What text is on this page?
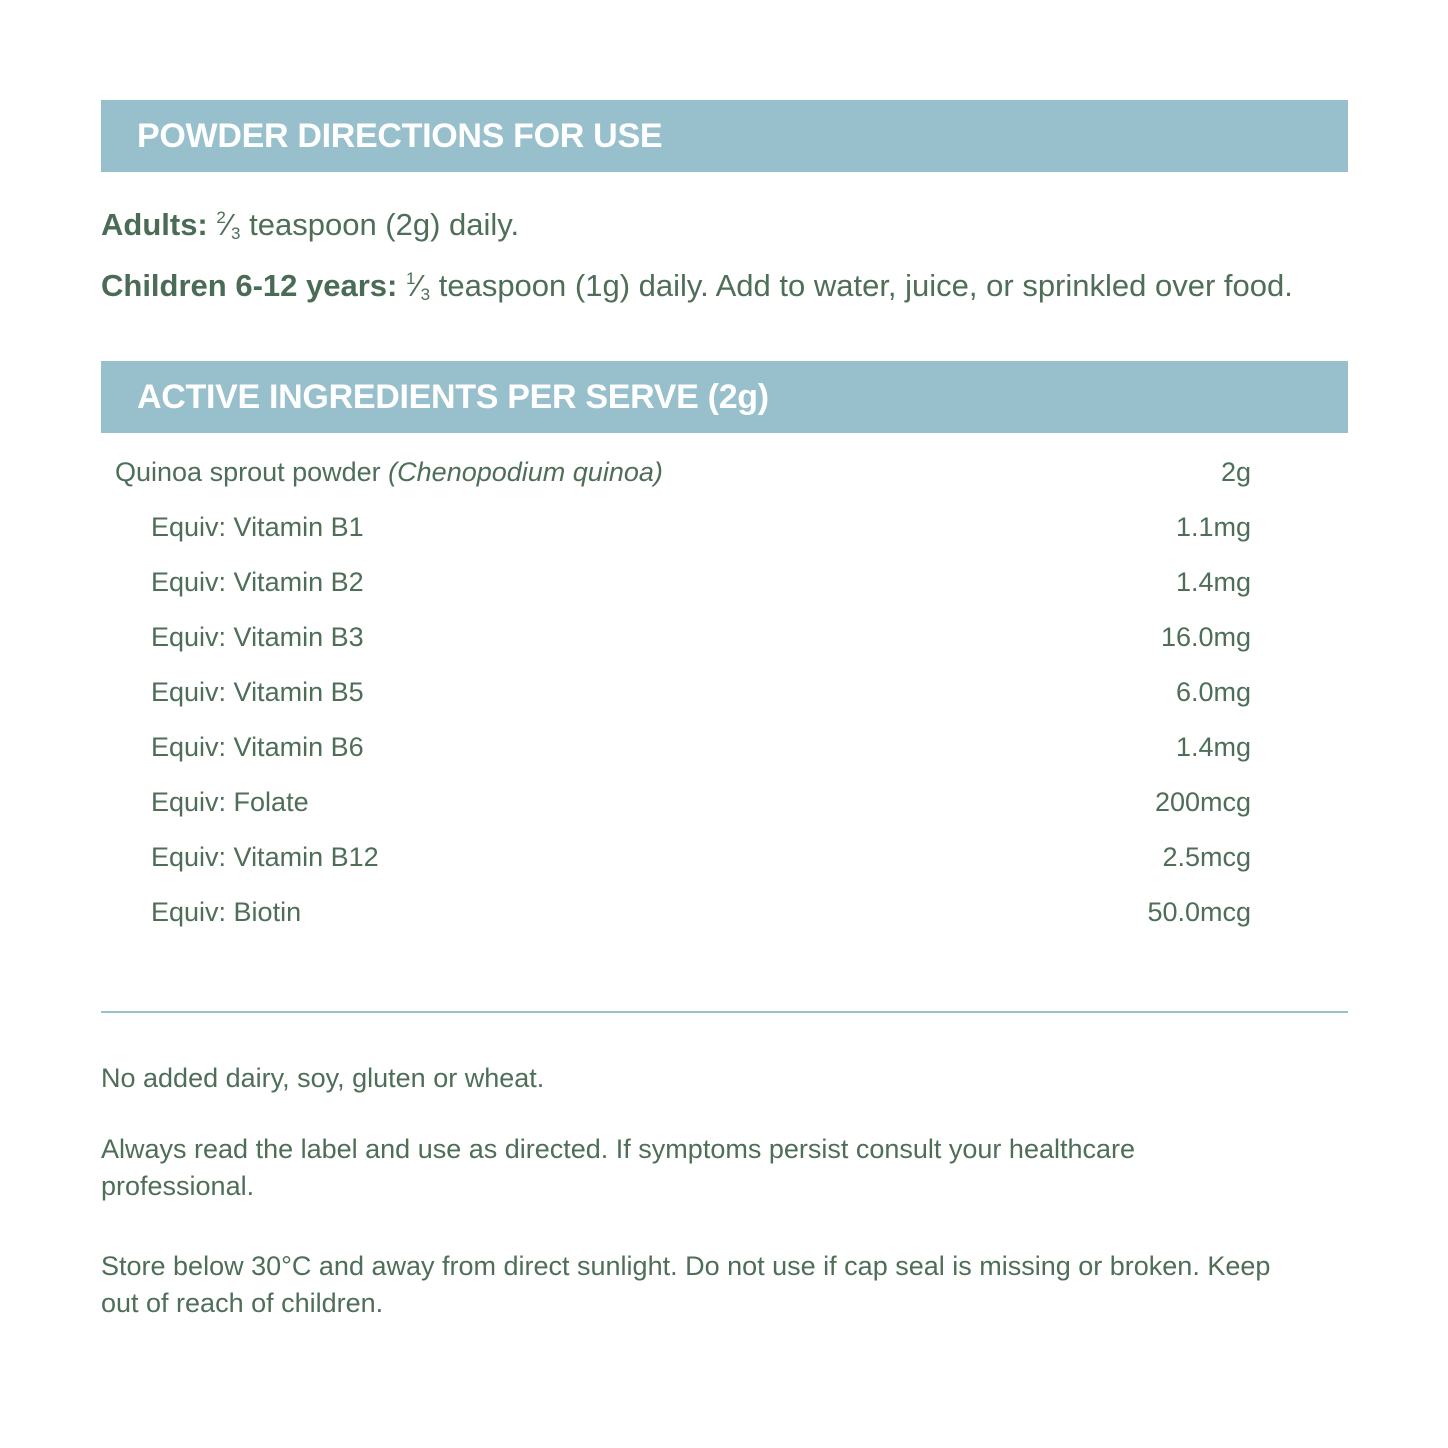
POWDER DIRECTIONS FOR USE
Adults: $^2⁄_3$ teaspoon (2g) daily.
Children 6-12 years: $^1⁄_3$ teaspoon (1g) daily. Add to water, juice, or sprinkled over food.
ACTIVE INGREDIENTS PER SERVE (2g)
Quinoa sprout powder (Chenopodium quinoa)	2g
Equiv: Vitamin B1	1.1mg
Equiv: Vitamin B2	1.4mg
Equiv: Vitamin B3	16.0mg
Equiv: Vitamin B5	6.0mg
Equiv: Vitamin B6	1.4mg
Equiv: Folate	200mcg
Equiv: Vitamin B12	2.5mcg
Equiv: Biotin	50.0mcg

No added dairy, soy, gluten or wheat.

Always read the label and use as directed. If symptoms persist consult your healthcare professional.

Store below 30°C and away from direct sunlight. Do not use if cap seal is missing or broken. Keep out of reach of children.
